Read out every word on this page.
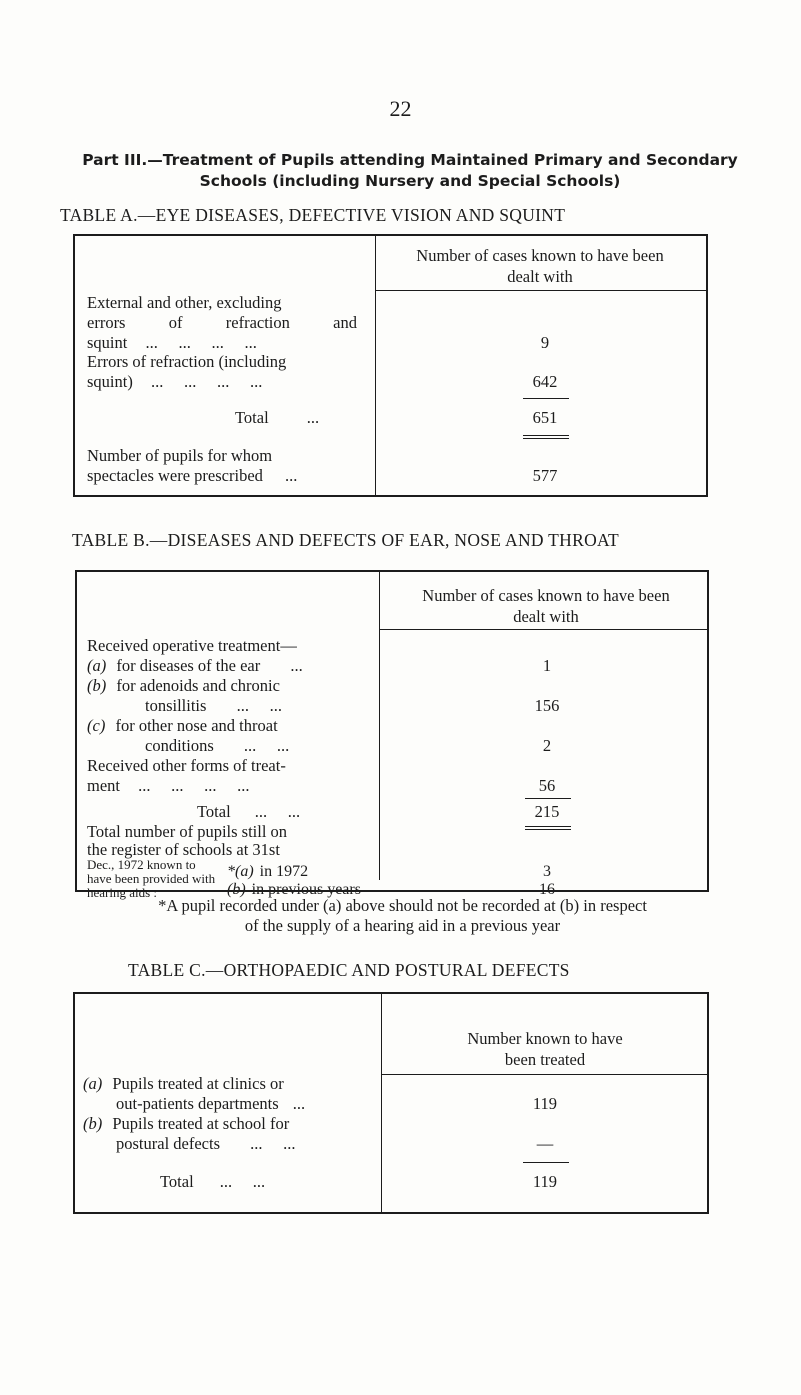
22
Part III.—Treatment of Pupils attending Maintained Primary and Secondary
Schools (including Nursery and Special Schools)
TABLE A.—EYE DISEASES, DEFECTIVE VISION AND SQUINT
Number of cases known to have been dealt with
External and other, excluding
errors	of	refraction	and
squint ...     ...     ...     ...	9
Errors of refraction (including
squint) ...     ...     ...     ...	642
Total ...	651
Number of pupils for whom
spectacles were prescribed ...	577
TABLE B.—DISEASES AND DEFECTS OF EAR, NOSE AND THROAT
Number of cases known to have been dealt with
Received operative treatment—
(a) for diseases of the ear ...	1
(b) for adenoids and chronic
tonsillitis ...     ...	156
(c) for other nose and throat
conditions ...     ...	2
Received other forms of treat-
ment ...     ...     ...     ...	56
Total ...     ...	215
Total number of pupils still on
the register of schools at 31st
*(a) in 1972	3
(b) in previous years	16
Dec., 1972 known to have been provided with hearing aids :
*A pupil recorded under (a) above should not be recorded at (b) in respect
of the supply of a hearing aid in a previous year
TABLE C.—ORTHOPAEDIC AND POSTURAL DEFECTS
Number known to have been treated
(a) Pupils treated at clinics or
out-patients departments ...	119
(b) Pupils treated at school for
postural defects ...     ...	—
Total ...     ...	119
